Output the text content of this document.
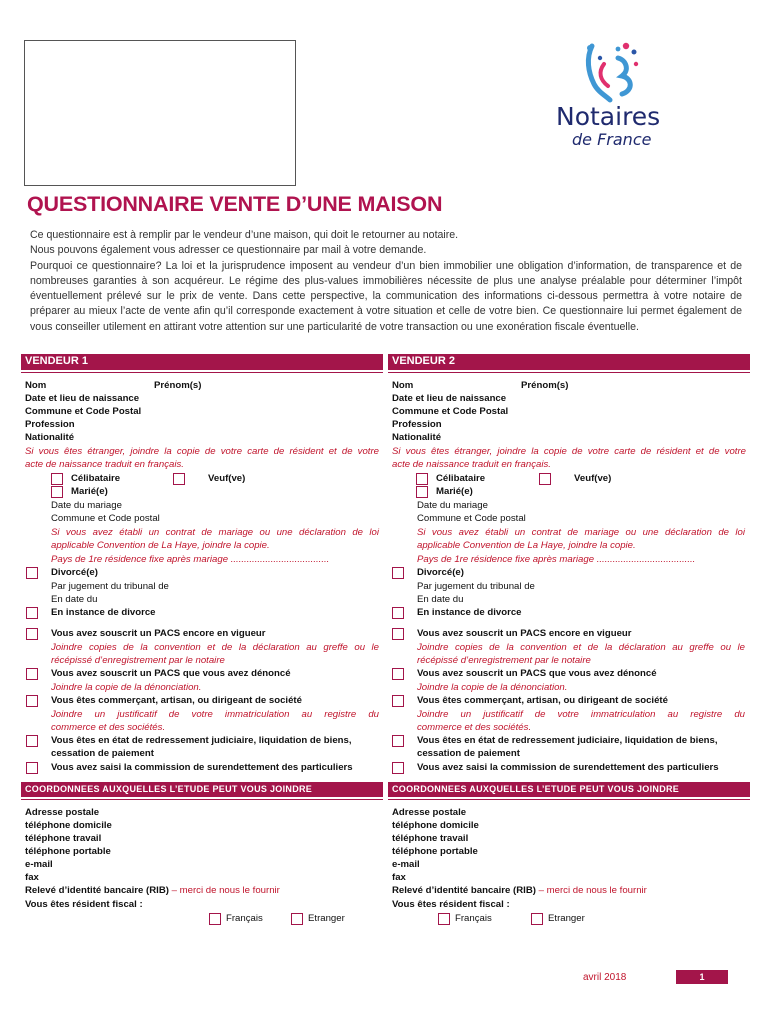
Notaires
de France
QUESTIONNAIRE VENTE D’UNE MAISON

Ce questionnaire est à remplir par le vendeur d’une maison, qui doit le retourner au notaire.

Nous pouvons également vous adresser ce questionnaire par mail à votre demande.

Pourquoi ce questionnaire? La loi et la jurisprudence imposent au vendeur d’un bien immobilier une obligation d’information, de transparence et de nombreuses garanties à son acquéreur. Le régime des plus-values immobilières nécessite de plus une analyse préalable pour déterminer l’impôt éventuellement prélevé sur le prix de vente. Dans cette perspective, la communication des informations ci-dessous permettra à votre notaire de préparer au mieux l’acte de vente afin qu’il corresponde exactement à votre situation et celle de votre bien. Ce questionnaire lui permet également de vous conseiller utilement en attirant votre attention sur une particularité de votre transaction ou une exonération fiscale éventuelle.

VENDEUR 1
Nom	Prénom(s)
Date et lieu de naissance
Commune et Code Postal
Profession
Nationalité
Si vous êtes étranger, joindre la copie de votre carte de résident et de votre
acte de naissance traduit en français.
Célibataire	Veuf(ve)
Marié(e)
Date du mariage
Commune et Code postal
Si vous avez établi un contrat de mariage ou une déclaration de loi
applicable Convention de La Haye, joindre la copie.
Pays de 1re résidence fixe après mariage .....................................
Divorcé(e)
Par jugement du tribunal de
En date du
En instance de divorce
Vous avez souscrit un PACS encore en vigueur
Joindre copies de la convention et de la déclaration au greffe ou le
récépissé d’enregistrement par le notaire
Vous avez souscrit un PACS que vous avez dénoncé
Joindre la copie de la dénonciation.
Vous êtes commerçant, artisan, ou dirigeant de société
Joindre un justificatif de votre immatriculation au registre du
commerce et des sociétés.
Vous êtes en état de redressement judiciaire, liquidation de biens,
cessation de paiement
Vous avez saisi la commission de surendettement des particuliers
COORDONNEES AUXQUELLES L’ETUDE PEUT VOUS JOINDRE
Adresse postale
téléphone domicile
téléphone travail
téléphone portable
e-mail
fax
Relevé d’identité bancaire (RIB) – merci de nous le fournir
Vous êtes résident fiscal :
Français	Etranger
VENDEUR 2
Nom	Prénom(s)
Date et lieu de naissance
Commune et Code Postal
Profession
Nationalité
Si vous êtes étranger, joindre la copie de votre carte de résident et de votre
acte de naissance traduit en français.
Célibataire	Veuf(ve)
Marié(e)
Date du mariage
Commune et Code postal
Si vous avez établi un contrat de mariage ou une déclaration de loi
applicable Convention de La Haye, joindre la copie.
Pays de 1re résidence fixe après mariage .....................................
Divorcé(e)
Par jugement du tribunal de
En date du
En instance de divorce
Vous avez souscrit un PACS encore en vigueur
Joindre copies de la convention et de la déclaration au greffe ou le
récépissé d’enregistrement par le notaire
Vous avez souscrit un PACS que vous avez dénoncé
Joindre la copie de la dénonciation.
Vous êtes commerçant, artisan, ou dirigeant de société
Joindre un justificatif de votre immatriculation au registre du
commerce et des sociétés.
Vous êtes en état de redressement judiciaire, liquidation de biens,
cessation de paiement
Vous avez saisi la commission de surendettement des particuliers
COORDONNEES AUXQUELLES L’ETUDE PEUT VOUS JOINDRE
Adresse postale
téléphone domicile
téléphone travail
téléphone portable
e-mail
fax
Relevé d’identité bancaire (RIB) – merci de nous le fournir
Vous êtes résident fiscal :
Français	Etranger
avril 2018	1
